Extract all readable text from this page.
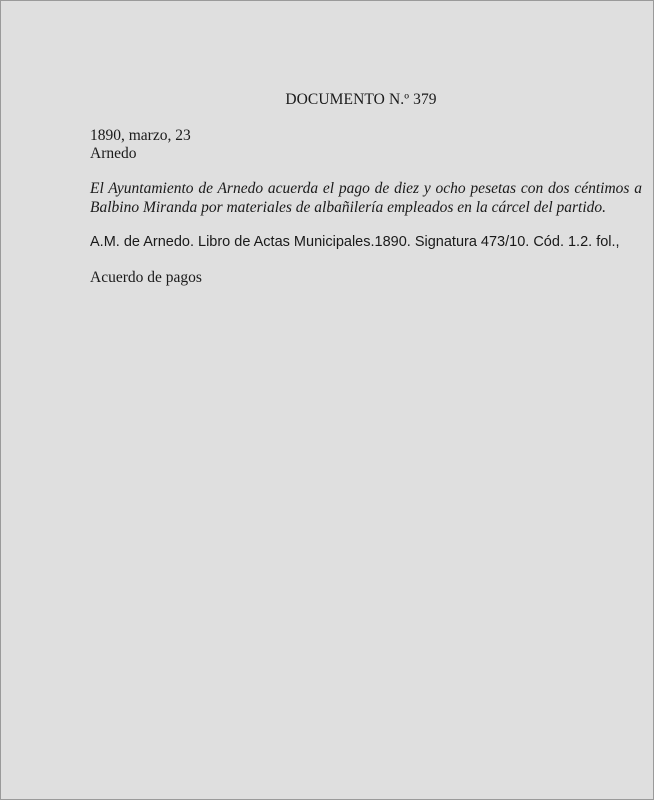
DOCUMENTO N.º 379
1890, marzo, 23
Arnedo
El Ayuntamiento de Arnedo acuerda el pago de diez y ocho pesetas con dos céntimos a Balbino Miranda por materiales de albañilería empleados en la cárcel del partido.
A.M. de Arnedo. Libro de Actas Municipales.1890. Signatura 473/10. Cód. 1.2. fol.,
Acuerdo de pagos
